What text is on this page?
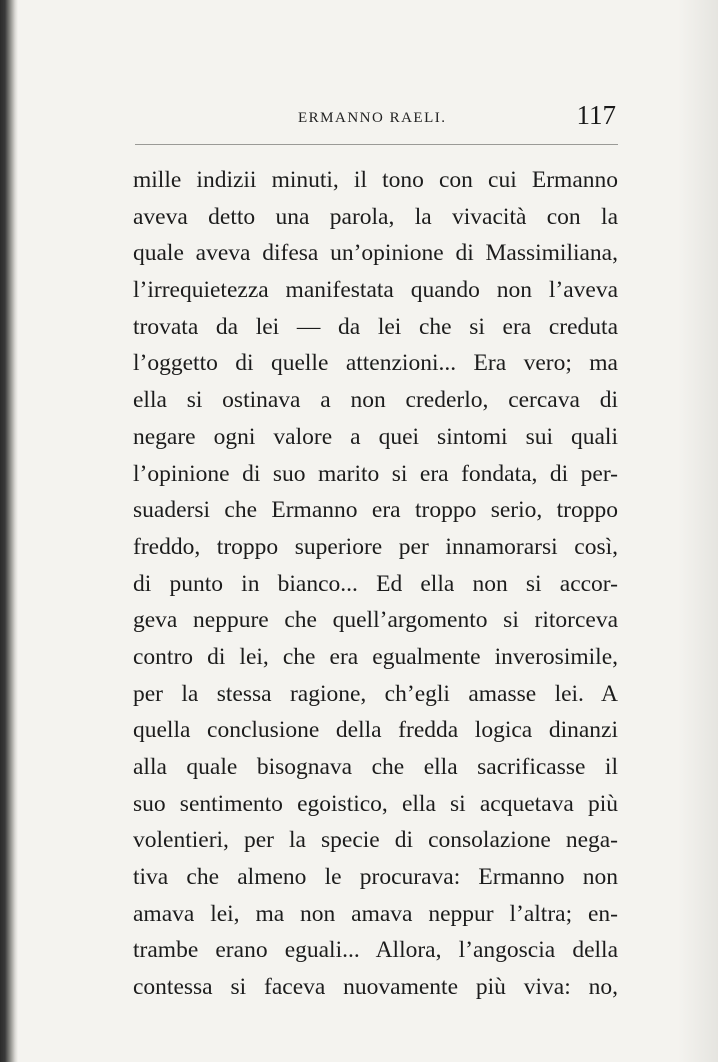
ERMANNO RAELI.	117
mille indizii minuti, il tono con cui Ermanno
aveva detto una parola, la vivacità con la
quale aveva difesa un’opinione di Massimiliana,
l’irrequietezza manifestata quando non l’aveva
trovata da lei — da lei che si era creduta
l’oggetto di quelle attenzioni... Era vero; ma
ella si ostinava a non crederlo, cercava di
negare ogni valore a quei sintomi sui quali
l’opinione di suo marito si era fondata, di per-
suadersi che Ermanno era troppo serio, troppo
freddo, troppo superiore per innamorarsi così,
di punto in bianco... Ed ella non si accor-
geva neppure che quell’argomento si ritorceva
contro di lei, che era egualmente inverosimile,
per la stessa ragione, ch’egli amasse lei. A
quella conclusione della fredda logica dinanzi
alla quale bisognava che ella sacrificasse il
suo sentimento egoistico, ella si acquetava più
volentieri, per la specie di consolazione nega-
tiva che almeno le procurava: Ermanno non
amava lei, ma non amava neppur l’altra; en-
trambe erano eguali... Allora, l’angoscia della
contessa si faceva nuovamente più viva: no,
